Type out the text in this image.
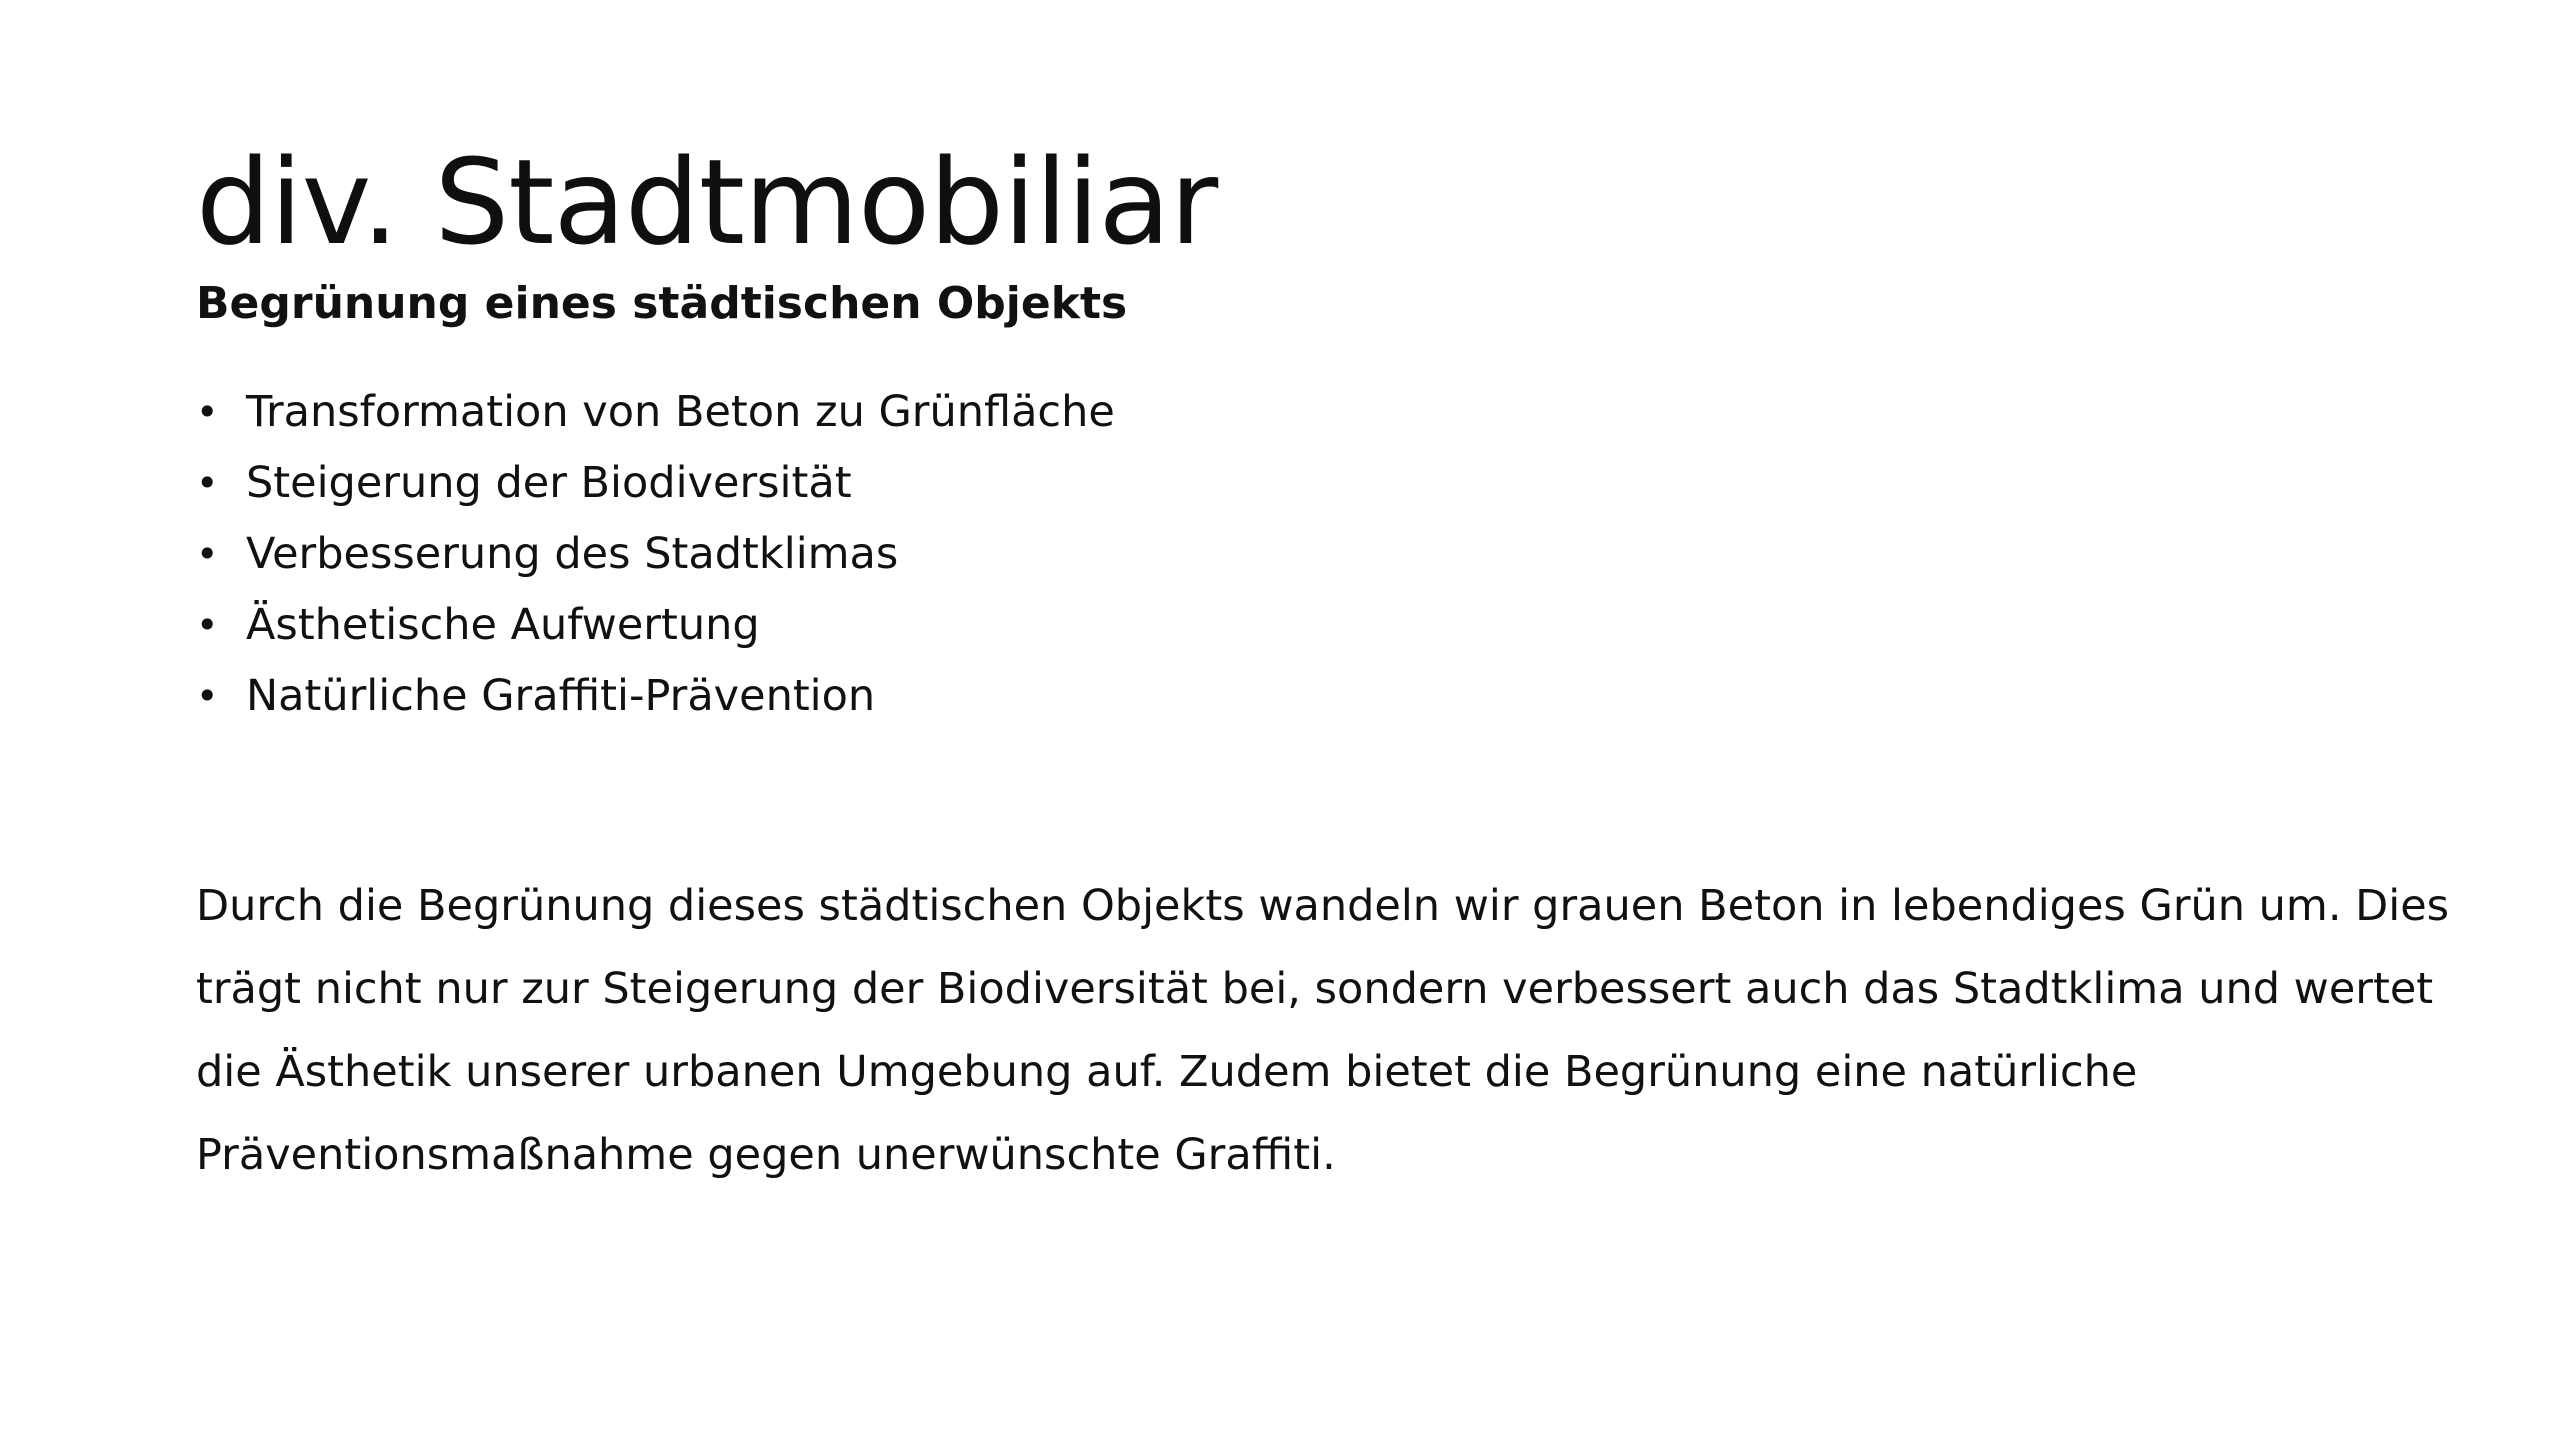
div. Stadtmobiliar
Begrünung eines städtischen Objekts
• Transformation von Beton zu Grünfläche
• Steigerung der Biodiversität
• Verbesserung des Stadtklimas
• Ästhetische Aufwertung
• Natürliche Graffiti-Prävention

Durch die Begrünung dieses städtischen Objekts wandeln wir grauen Beton in lebendiges Grün um. Dies
trägt nicht nur zur Steigerung der Biodiversität bei, sondern verbessert auch das Stadtklima und wertet
die Ästhetik unserer urbanen Umgebung auf. Zudem bietet die Begrünung eine natürliche
Präventionsmaßnahme gegen unerwünschte Graffiti.
